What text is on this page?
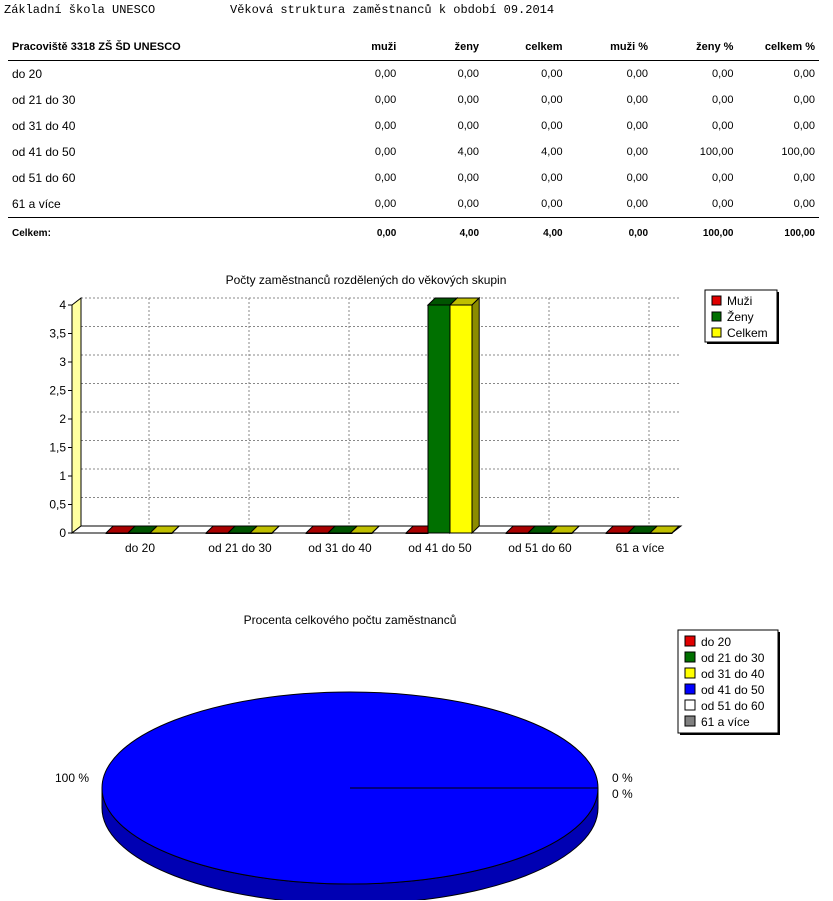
Základní škola UNESCO	Věková struktura zaměstnanců k období 09.2014
Pracoviště 3318 ZŠ ŠD UNESCO	muži	ženy	celkem	muži %	ženy %	celkem %
do 20	0,00	0,00	0,00	0,00	0,00	0,00
od 21 do 30	0,00	0,00	0,00	0,00	0,00	0,00
od 31 do 40	0,00	0,00	0,00	0,00	0,00	0,00
od 41 do 50	0,00	4,00	4,00	0,00	100,00	100,00
od 51 do 60	0,00	0,00	0,00	0,00	0,00	0,00
61 a více	0,00	0,00	0,00	0,00	0,00	0,00
Celkem:	0,00	4,00	4,00	0,00	100,00	100,00
Počty zaměstnanců rozdělených do věkových skupin
0
0,5
1
1,5
2
2,5
3
3,5
4
do 20	od 21 do 30	od 31 do 40	od 41 do 50	od 51 do 60	61 a více
Muži
Ženy
Celkem
Procenta celkového počtu zaměstnanců
100 %	0 %
0 %
do 20
od 21 do 30
od 31 do 40
od 41 do 50
od 51 do 60
61 a více
